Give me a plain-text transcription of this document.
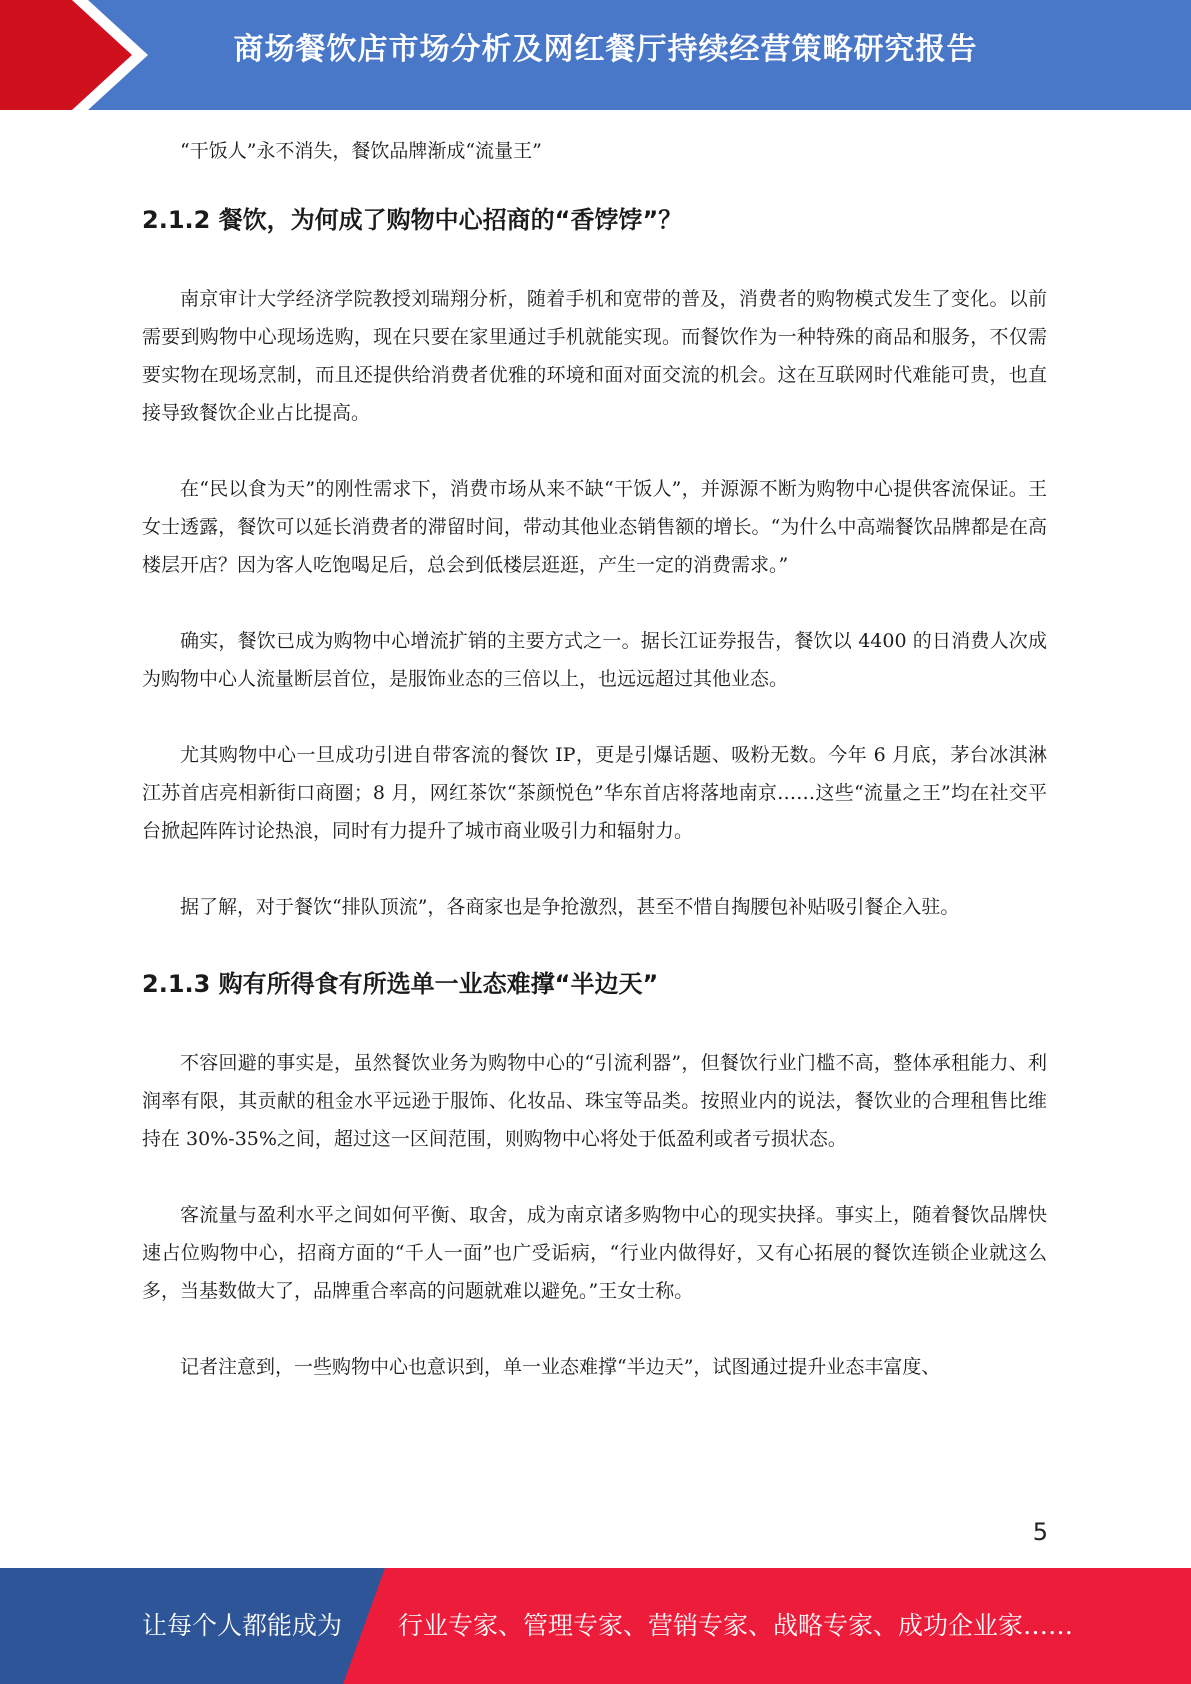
商场餐饮店市场分析及网红餐厅持续经营策略研究报告

“干饭人”永不消失，餐饮品牌渐成“流量王”

2.1.2 餐饮，为何成了购物中心招商的“香饽饽”？

南京审计大学经济学院教授刘瑞翔分析，随着手机和宽带的普及，消费者的购物模式发生了变化。以前需要到购物中心现场选购，现在只要在家里通过手机就能实现。而餐饮作为一种特殊的商品和服务，不仅需要实物在现场烹制，而且还提供给消费者优雅的环境和面对面交流的机会。这在互联网时代难能可贵，也直接导致餐饮企业占比提高。

在“民以食为天”的刚性需求下，消费市场从来不缺“干饭人”，并源源不断为购物中心提供客流保证。王女士透露，餐饮可以延长消费者的滞留时间，带动其他业态销售额的增长。“为什么中高端餐饮品牌都是在高楼层开店？因为客人吃饱喝足后，总会到低楼层逛逛，产生一定的消费需求。”

确实，餐饮已成为购物中心增流扩销的主要方式之一。据长江证券报告，餐饮以 4400 的日消费人次成为购物中心人流量断层首位，是服饰业态的三倍以上，也远远超过其他业态。

尤其购物中心一旦成功引进自带客流的餐饮 IP，更是引爆话题、吸粉无数。今年 6 月底，茅台冰淇淋江苏首店亮相新街口商圈；8 月，网红茶饮“茶颜悦色”华东首店将落地南京……这些“流量之王”均在社交平台掀起阵阵讨论热浪，同时有力提升了城市商业吸引力和辐射力。

据了解，对于餐饮“排队顶流”，各商家也是争抢激烈，甚至不惜自掏腰包补贴吸引餐企入驻。

2.1.3 购有所得食有所选单一业态难撑“半边天”

不容回避的事实是，虽然餐饮业务为购物中心的“引流利器”，但餐饮行业门槛不高，整体承租能力、利润率有限，其贡献的租金水平远逊于服饰、化妆品、珠宝等品类。按照业内的说法，餐饮业的合理租售比维持在 30%-35%之间，超过这一区间范围，则购物中心将处于低盈利或者亏损状态。

客流量与盈利水平之间如何平衡、取舍，成为南京诸多购物中心的现实抉择。事实上，随着餐饮品牌快速占位购物中心，招商方面的“千人一面”也广受诟病，“行业内做得好，又有心拓展的餐饮连锁企业就这么多，当基数做大了，品牌重合率高的问题就难以避免。”王女士称。

记者注意到，一些购物中心也意识到，单一业态难撑“半边天”，试图通过提升业态丰富度、

5
让每个人都能成为 行业专家、管理专家、营销专家、战略专家、成功企业家……
